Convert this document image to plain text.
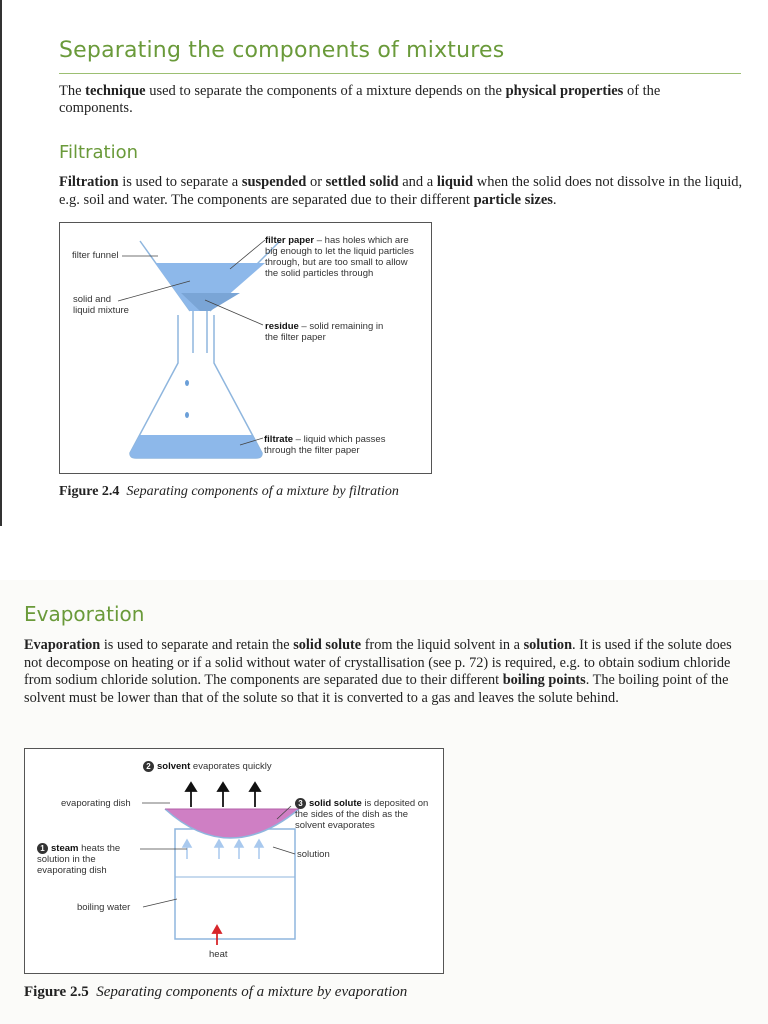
Separating the components of mixtures
The technique used to separate the components of a mixture depends on the physical properties of the components.
Filtration
Filtration is used to separate a suspended or settled solid and a liquid when the solid does not dissolve in the liquid, e.g. soil and water. The components are separated due to their different particle sizes.
filter funnel
solid and
liquid mixture
filter paper – has holes which are big enough to let the liquid particles through, but are too small to allow the solid particles through
residue – solid remaining in the filter paper
filtrate – liquid which passes through the filter paper
Figure 2.4 Separating components of a mixture by filtration
Evaporation
Evaporation is used to separate and retain the solid solute from the liquid solvent in a solution. It is used if the solute does not decompose on heating or if a solid without water of crystallisation (see p. 72) is required, e.g. to obtain sodium chloride from sodium chloride solution. The components are separated due to their different boiling points. The boiling point of the solvent must be lower than that of the solute so that it is converted to a gas and leaves the solute behind.
2 solvent evaporates quickly
evaporating dish	3 solid solute is deposited on the sides of the dish as the solvent evaporates
1 steam heats the solution in the evaporating dish
solution
boiling water
heat
Figure 2.5 Separating components of a mixture by evaporation
